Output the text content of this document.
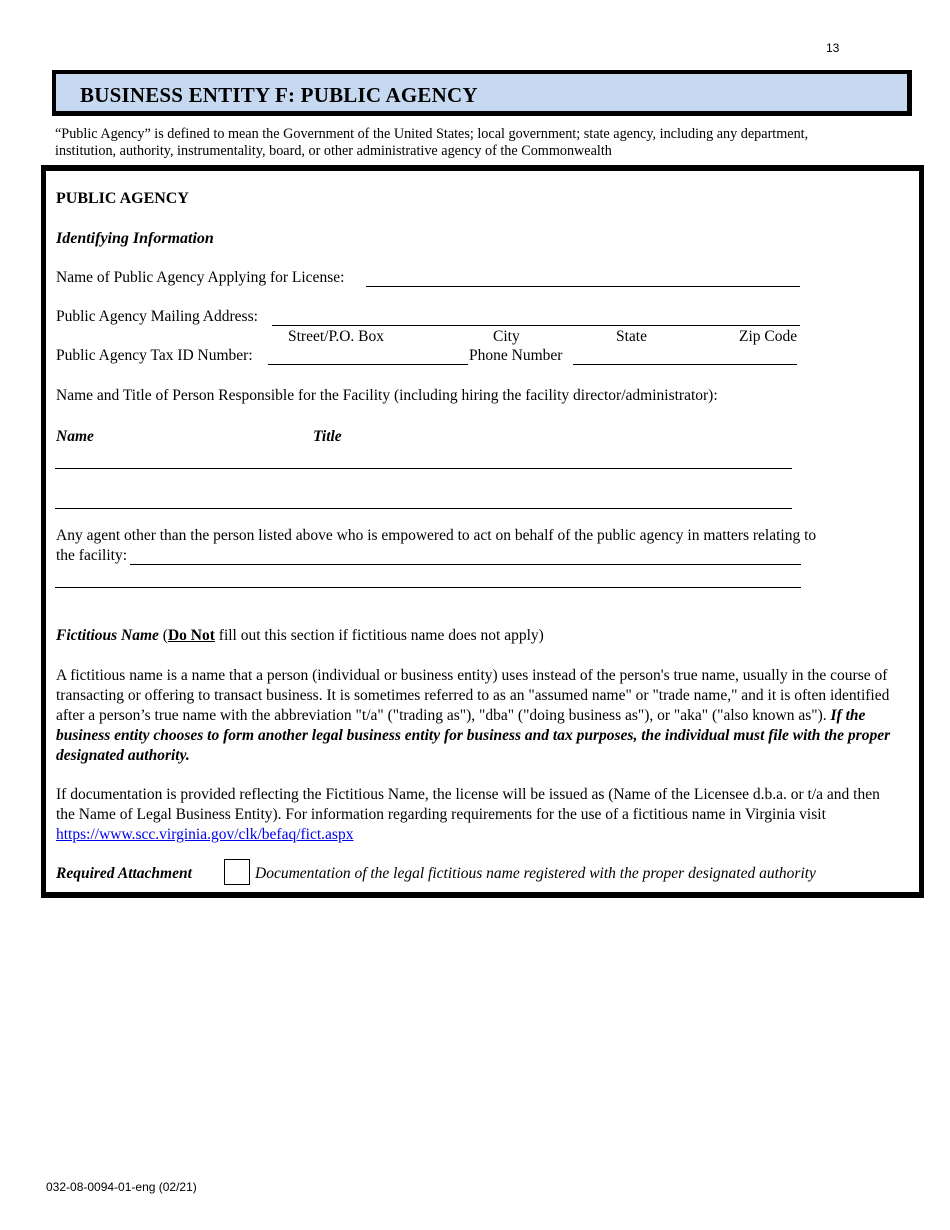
13
BUSINESS ENTITY F: PUBLIC AGENCY
“Public Agency” is defined to mean the Government of the United States; local government; state agency, including any department, institution, authority, instrumentality, board, or other administrative agency of the Commonwealth
PUBLIC AGENCY
Identifying Information
Name of Public Agency Applying for License:
Public Agency Mailing Address:
Street/P.O. Box	City	State	Zip Code
Public Agency Tax ID Number:	Phone Number
Name and Title of Person Responsible for the Facility (including hiring the facility director/administrator):
Name	Title
Any agent other than the person listed above who is empowered to act on behalf of the public agency in matters relating to
the facility:
Fictitious Name (Do Not fill out this section if fictitious name does not apply)
A fictitious name is a name that a person (individual or business entity) uses instead of the person's true name, usually in the course of transacting or offering to transact business. It is sometimes referred to as an "assumed name" or "trade name," and it is often identified after a person’s true name with the abbreviation "t/a" ("trading as"), "dba" ("doing business as"), or "aka" ("also known as"). If the business entity chooses to form another legal business entity for business and tax purposes, the individual must file with the proper designated authority.
If documentation is provided reflecting the Fictitious Name, the license will be issued as (Name of the Licensee d.b.a. or t/a and then the Name of Legal Business Entity). For information regarding requirements for the use of a fictitious name in Virginia visit https://www.scc.virginia.gov/clk/befaq/fict.aspx
Required Attachment	Documentation of the legal fictitious name registered with the proper designated authority
032-08-0094-01-eng (02/21)
